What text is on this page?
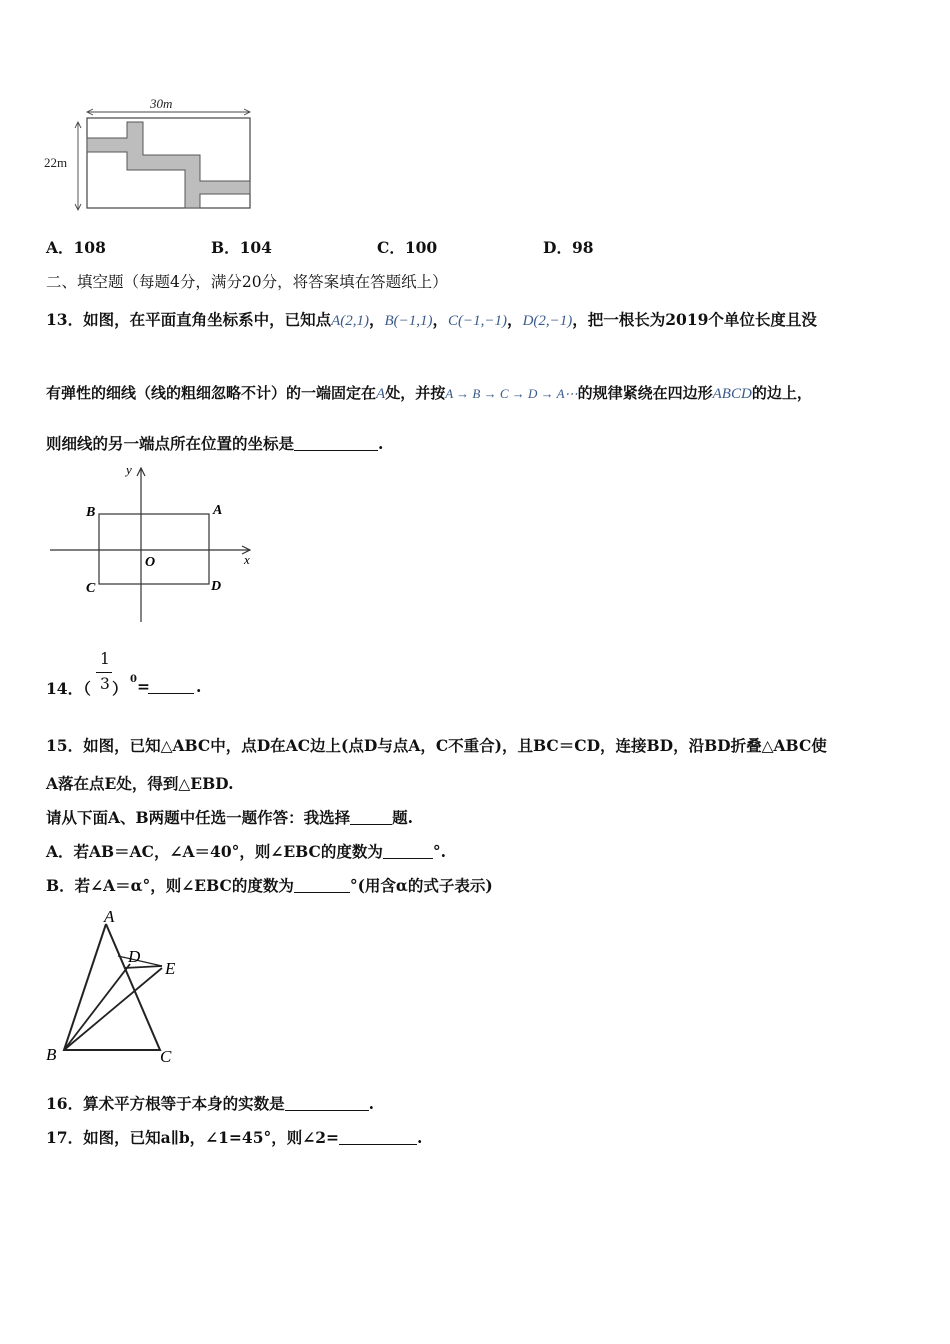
30m
22m
A．108	B．104	C．100	D．98
二、填空题（每题4分，满分20分，将答案填在答题纸上）
13．如图，在平面直角坐标系中，已知点A(2,1)，B(−1,1)，C(−1,−1)，D(2,−1)，把一根长为2019个单位长度且没
有弹性的细线（线的粗细忽略不计）的一端固定在A处，并按A → B → C → D → A⋯的规律紧绕在四边形ABCD的边上，
则细线的另一端点所在位置的坐标是	.
y
x
O
A
B
C	D
14．（
1
3 ） 0 =	.
15．如图，已知△ABC中，点D在AC边上(点D与点A，C不重合)，且BC＝CD，连接BD，沿BD折叠△ABC使
A落在点E处，得到△EBD.
请从下面A、B两题中任选一题作答：我选择	题.
A．若AB＝AC，∠A＝40°，则∠EBC的度数为	°.
B．若∠A＝α°，则∠EBC的度数为	°(用含α的式子表示)
A
B	C
D
E
16．算术平方根等于本身的实数是	.
17．如图，已知a∥b，∠1=45°，则∠2=	.
